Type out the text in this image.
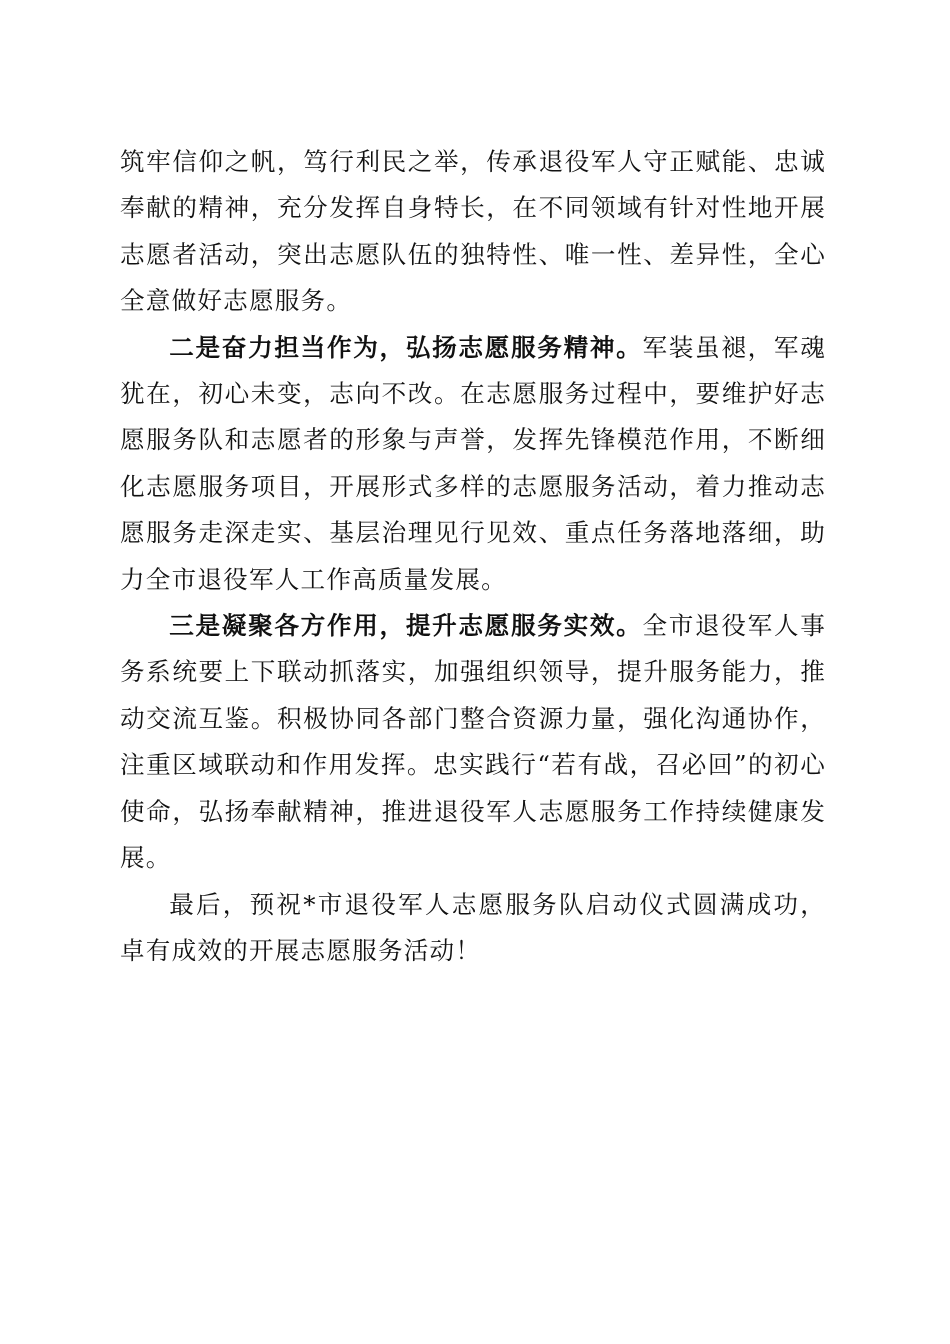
筑牢信仰之帆，笃行利民之举，传承退役军人守正赋能、忠诚奉献的精神，充分发挥自身特长，在不同领域有针对性地开展志愿者活动，突出志愿队伍的独特性、唯一性、差异性，全心全意做好志愿服务。

二是奋力担当作为，弘扬志愿服务精神。军装虽褪，军魂犹在，初心未变，志向不改。在志愿服务过程中，要维护好志愿服务队和志愿者的形象与声誉，发挥先锋模范作用，不断细化志愿服务项目，开展形式多样的志愿服务活动，着力推动志愿服务走深走实、基层治理见行见效、重点任务落地落细，助力全市退役军人工作高质量发展。

三是凝聚各方作用，提升志愿服务实效。全市退役军人事务系统要上下联动抓落实，加强组织领导，提升服务能力，推动交流互鉴。积极协同各部门整合资源力量，强化沟通协作，注重区域联动和作用发挥。忠实践行“若有战，召必回”的初心使命，弘扬奉献精神，推进退役军人志愿服务工作持续健康发展。

最后，预祝*市退役军人志愿服务队启动仪式圆满成功，卓有成效的开展志愿服务活动！
